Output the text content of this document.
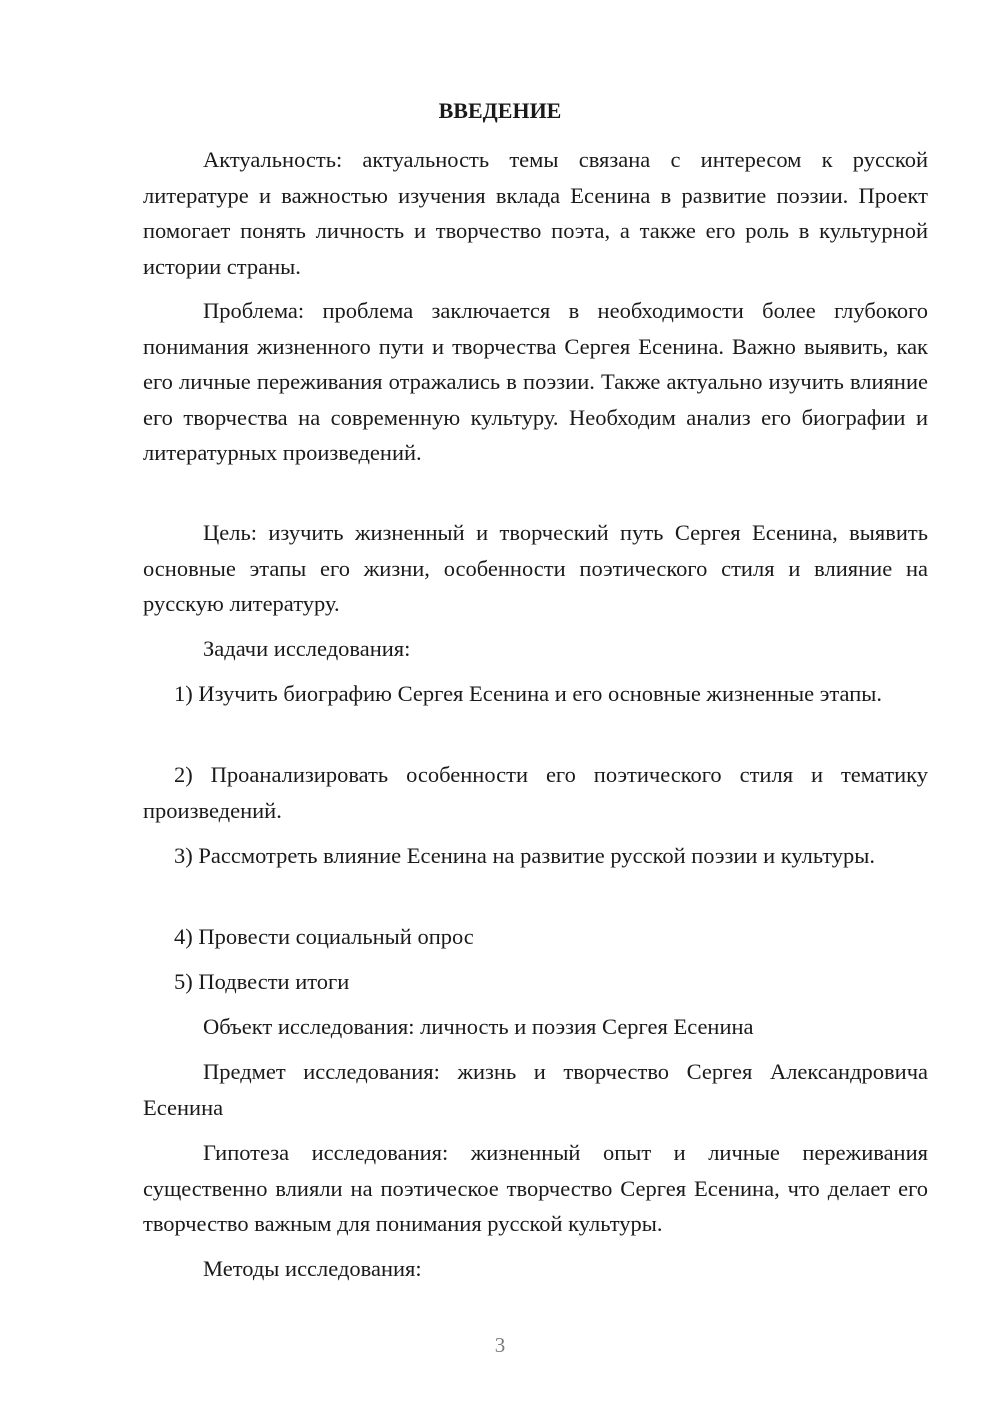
ВВЕДЕНИЕ

Актуальность: актуальность темы связана с интересом к русской литературе и важностью изучения вклада Есенина в развитие поэзии. Проект помогает понять личность и творчество поэта, а также его роль в культурной истории страны.

Проблема: проблема заключается в необходимости более глубокого понимания жизненного пути и творчества Сергея Есенина. Важно выявить, как его личные переживания отражались в поэзии. Также актуально изучить влияние его творчества на современную культуру. Необходим анализ его биографии и литературных произведений.

Цель: изучить жизненный и творческий путь Сергея Есенина, выявить основные этапы его жизни, особенности поэтического стиля и влияние на русскую литературу.

Задачи исследования:

1) Изучить биографию Сергея Есенина и его основные жизненные этапы.

2) Проанализировать особенности его поэтического стиля и тематику произведений.

3) Рассмотреть влияние Есенина на развитие русской поэзии и культуры.

4) Провести социальный опрос

5) Подвести итоги

Объект исследования: личность и поэзия Сергея Есенина

Предмет исследования: жизнь и творчество Сергея Александровича Есенина

Гипотеза исследования: жизненный опыт и личные переживания существенно влияли на поэтическое творчество Сергея Есенина, что делает его творчество важным для понимания русской культуры.

Методы исследования:

3
